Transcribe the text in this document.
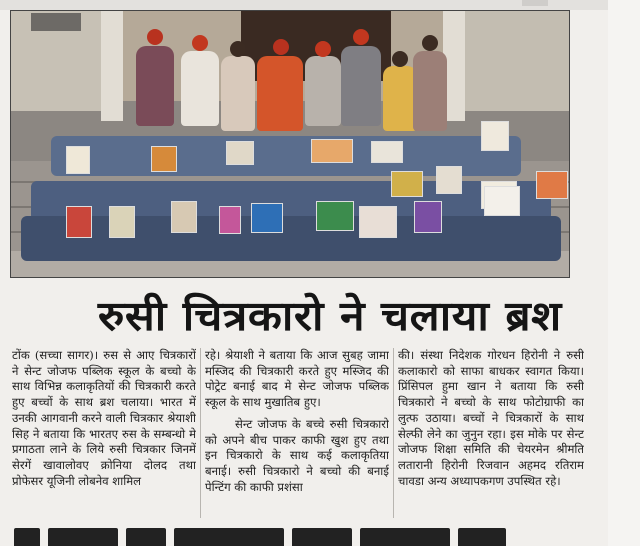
रुसी चित्रकारो ने चलाया ब्रश

टोंक (सच्चा सागर)। रुस से आए चित्रकारों ने सेन्ट जोजफ पब्लिक स्कूल के बच्चो के साथ विभिन्न कलाकृतियों की चित्रकारी करते हुए बच्चों के साथ ब्रश चलाया। भारत में उनकी आगवानी करने वाली चित्रकार श्रेयाशी सिह ने बताया कि भारतए रुस के सम्बन्धो मे प्रगाठता लाने के लिये रुसी चित्रकार जिनमें सेरगें खावालोवए क्रोनिया दोलद तथा प्रोफेसर यूजिनी लोबनेव शामिल

रहे। श्रेयाशी ने बताया कि आज सुबह जामा मस्जिद की चित्रकारी करते हुए मस्जिद की पोट्रेट बनाई बाद मे सेन्ट जोजफ पब्लिक स्कूल के साथ मुखातिब हुए।

सेन्ट जोजफ के बच्चे रुसी चित्रकारो को अपने बीच पाकर काफी खुश हुए तथा इन चित्रकारो के साथ कई कलाकृतिया बनाई। रुसी चित्रकारो ने बच्चो की बनाई पेन्टिंग की काफी प्रशंसा

की। संस्था निदेशक गोरधन हिरोनी ने रुसी कलाकारो को साफा बाधकर स्वागत किया। प्रिंसिपल हुमा खान ने बताया कि रुसी चित्रकारो ने बच्चो के साथ फोटोग्राफी का लुत्फ उठाया। बच्चों ने चित्रकारों के साथ सेल्फी लेने का जुनुन रहा। इस मोके पर सेन्ट जोजफ शिक्षा समिति की चेयरमेन श्रीमति लतारानी हिरोनी रिजवान अहमद रतिराम चावडा अन्य अध्यापकगण उपस्थित रहे।
